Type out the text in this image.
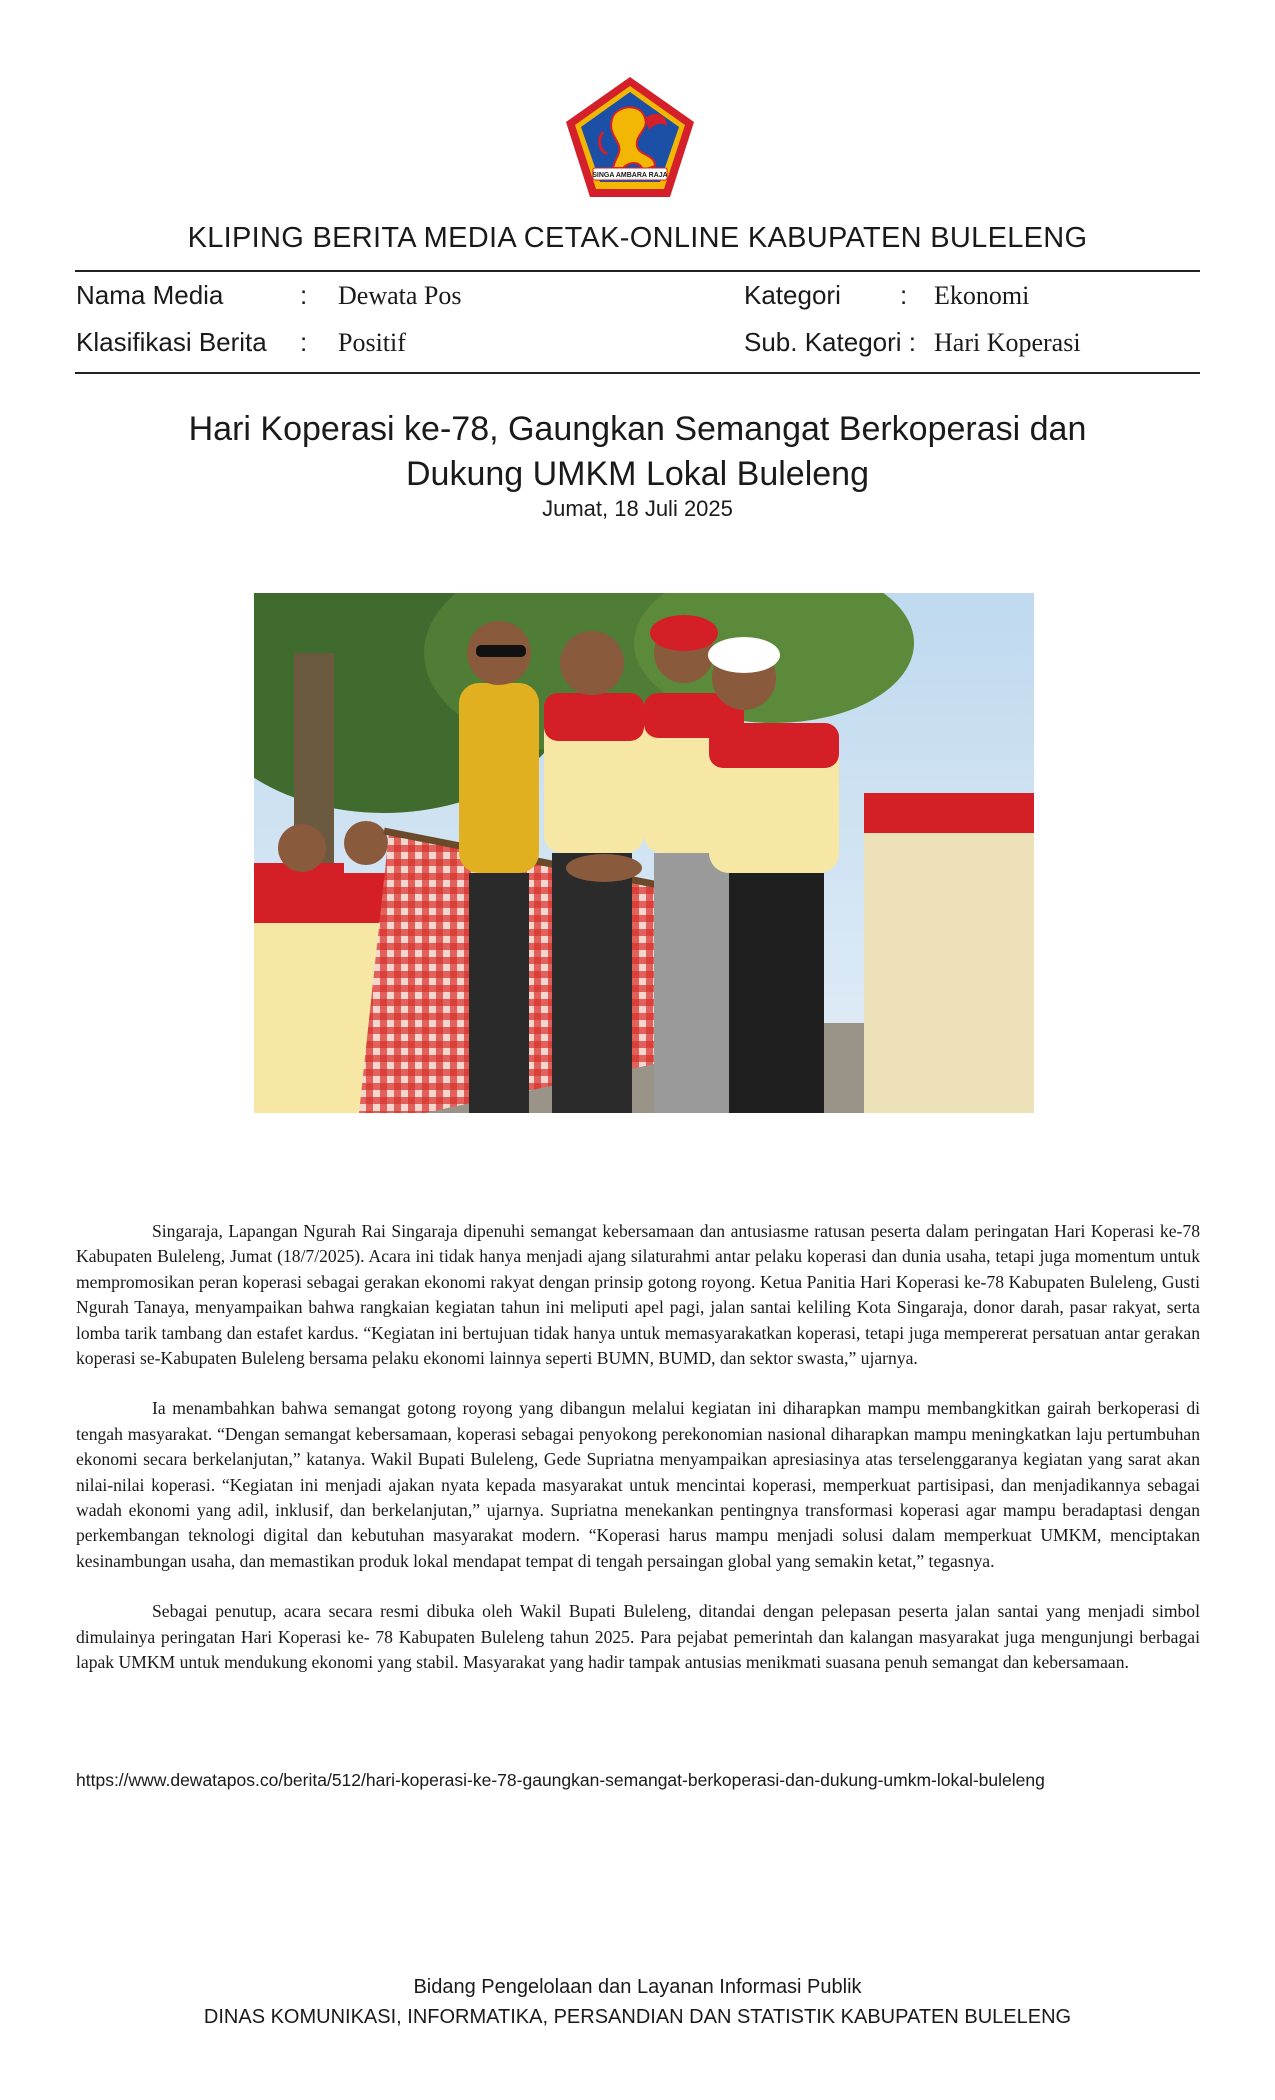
SINGA AMBARA RAJA
KLIPING BERITA MEDIA CETAK-ONLINE KABUPATEN BULELENG
Nama Media	: Dewata Pos	Kategori : Ekonomi
Klasifikasi Berita : Positif	Sub. Kategori : Hari Koperasi
Hari Koperasi ke-78, Gaungkan Semangat Berkoperasi dan
Dukung UMKM Lokal Buleleng
Jumat, 18 Juli 2025

Singaraja, Lapangan Ngurah Rai Singaraja dipenuhi semangat kebersamaan dan antusiasme ratusan peserta dalam peringatan Hari Koperasi ke-78 Kabupaten Buleleng, Jumat (18/7/2025). Acara ini tidak hanya menjadi ajang silaturahmi antar pelaku koperasi dan dunia usaha, tetapi juga momentum untuk mempromosikan peran koperasi sebagai gerakan ekonomi rakyat dengan prinsip gotong royong. Ketua Panitia Hari Koperasi ke-78 Kabupaten Buleleng, Gusti Ngurah Tanaya, menyampaikan bahwa rangkaian kegiatan tahun ini meliputi apel pagi, jalan santai keliling Kota Singaraja, donor darah, pasar rakyat, serta lomba tarik tambang dan estafet kardus. “Kegiatan ini bertujuan tidak hanya untuk memasyarakatkan koperasi, tetapi juga mempererat persatuan antar gerakan koperasi se-Kabupaten Buleleng bersama pelaku ekonomi lainnya seperti BUMN, BUMD, dan sektor swasta,” ujarnya.

Ia menambahkan bahwa semangat gotong royong yang dibangun melalui kegiatan ini diharapkan mampu membangkitkan gairah berkoperasi di tengah masyarakat. “Dengan semangat kebersamaan, koperasi sebagai penyokong perekonomian nasional diharapkan mampu meningkatkan laju pertumbuhan ekonomi secara berkelanjutan,” katanya. Wakil Bupati Buleleng, Gede Supriatna menyampaikan apresiasinya atas terselenggaranya kegiatan yang sarat akan nilai-nilai koperasi. “Kegiatan ini menjadi ajakan nyata kepada masyarakat untuk mencintai koperasi, memperkuat partisipasi, dan menjadikannya sebagai wadah ekonomi yang adil, inklusif, dan berkelanjutan,” ujarnya. Supriatna menekankan pentingnya transformasi koperasi agar mampu beradaptasi dengan perkembangan teknologi digital dan kebutuhan masyarakat modern. “Koperasi harus mampu menjadi solusi dalam memperkuat UMKM, menciptakan kesinambungan usaha, dan memastikan produk lokal mendapat tempat di tengah persaingan global yang semakin ketat,” tegasnya.

Sebagai penutup, acara secara resmi dibuka oleh Wakil Bupati Buleleng, ditandai dengan pelepasan peserta jalan santai yang menjadi simbol dimulainya peringatan Hari Koperasi ke- 78 Kabupaten Buleleng tahun 2025. Para pejabat pemerintah dan kalangan masyarakat juga mengunjungi berbagai lapak UMKM untuk mendukung ekonomi yang stabil. Masyarakat yang hadir tampak antusias menikmati suasana penuh semangat dan kebersamaan.

https://www.dewatapos.co/berita/512/hari-koperasi-ke-78-gaungkan-semangat-berkoperasi-dan-dukung-umkm-lokal-buleleng
Bidang Pengelolaan dan Layanan Informasi Publik
DINAS KOMUNIKASI, INFORMATIKA, PERSANDIAN DAN STATISTIK KABUPATEN BULELENG
